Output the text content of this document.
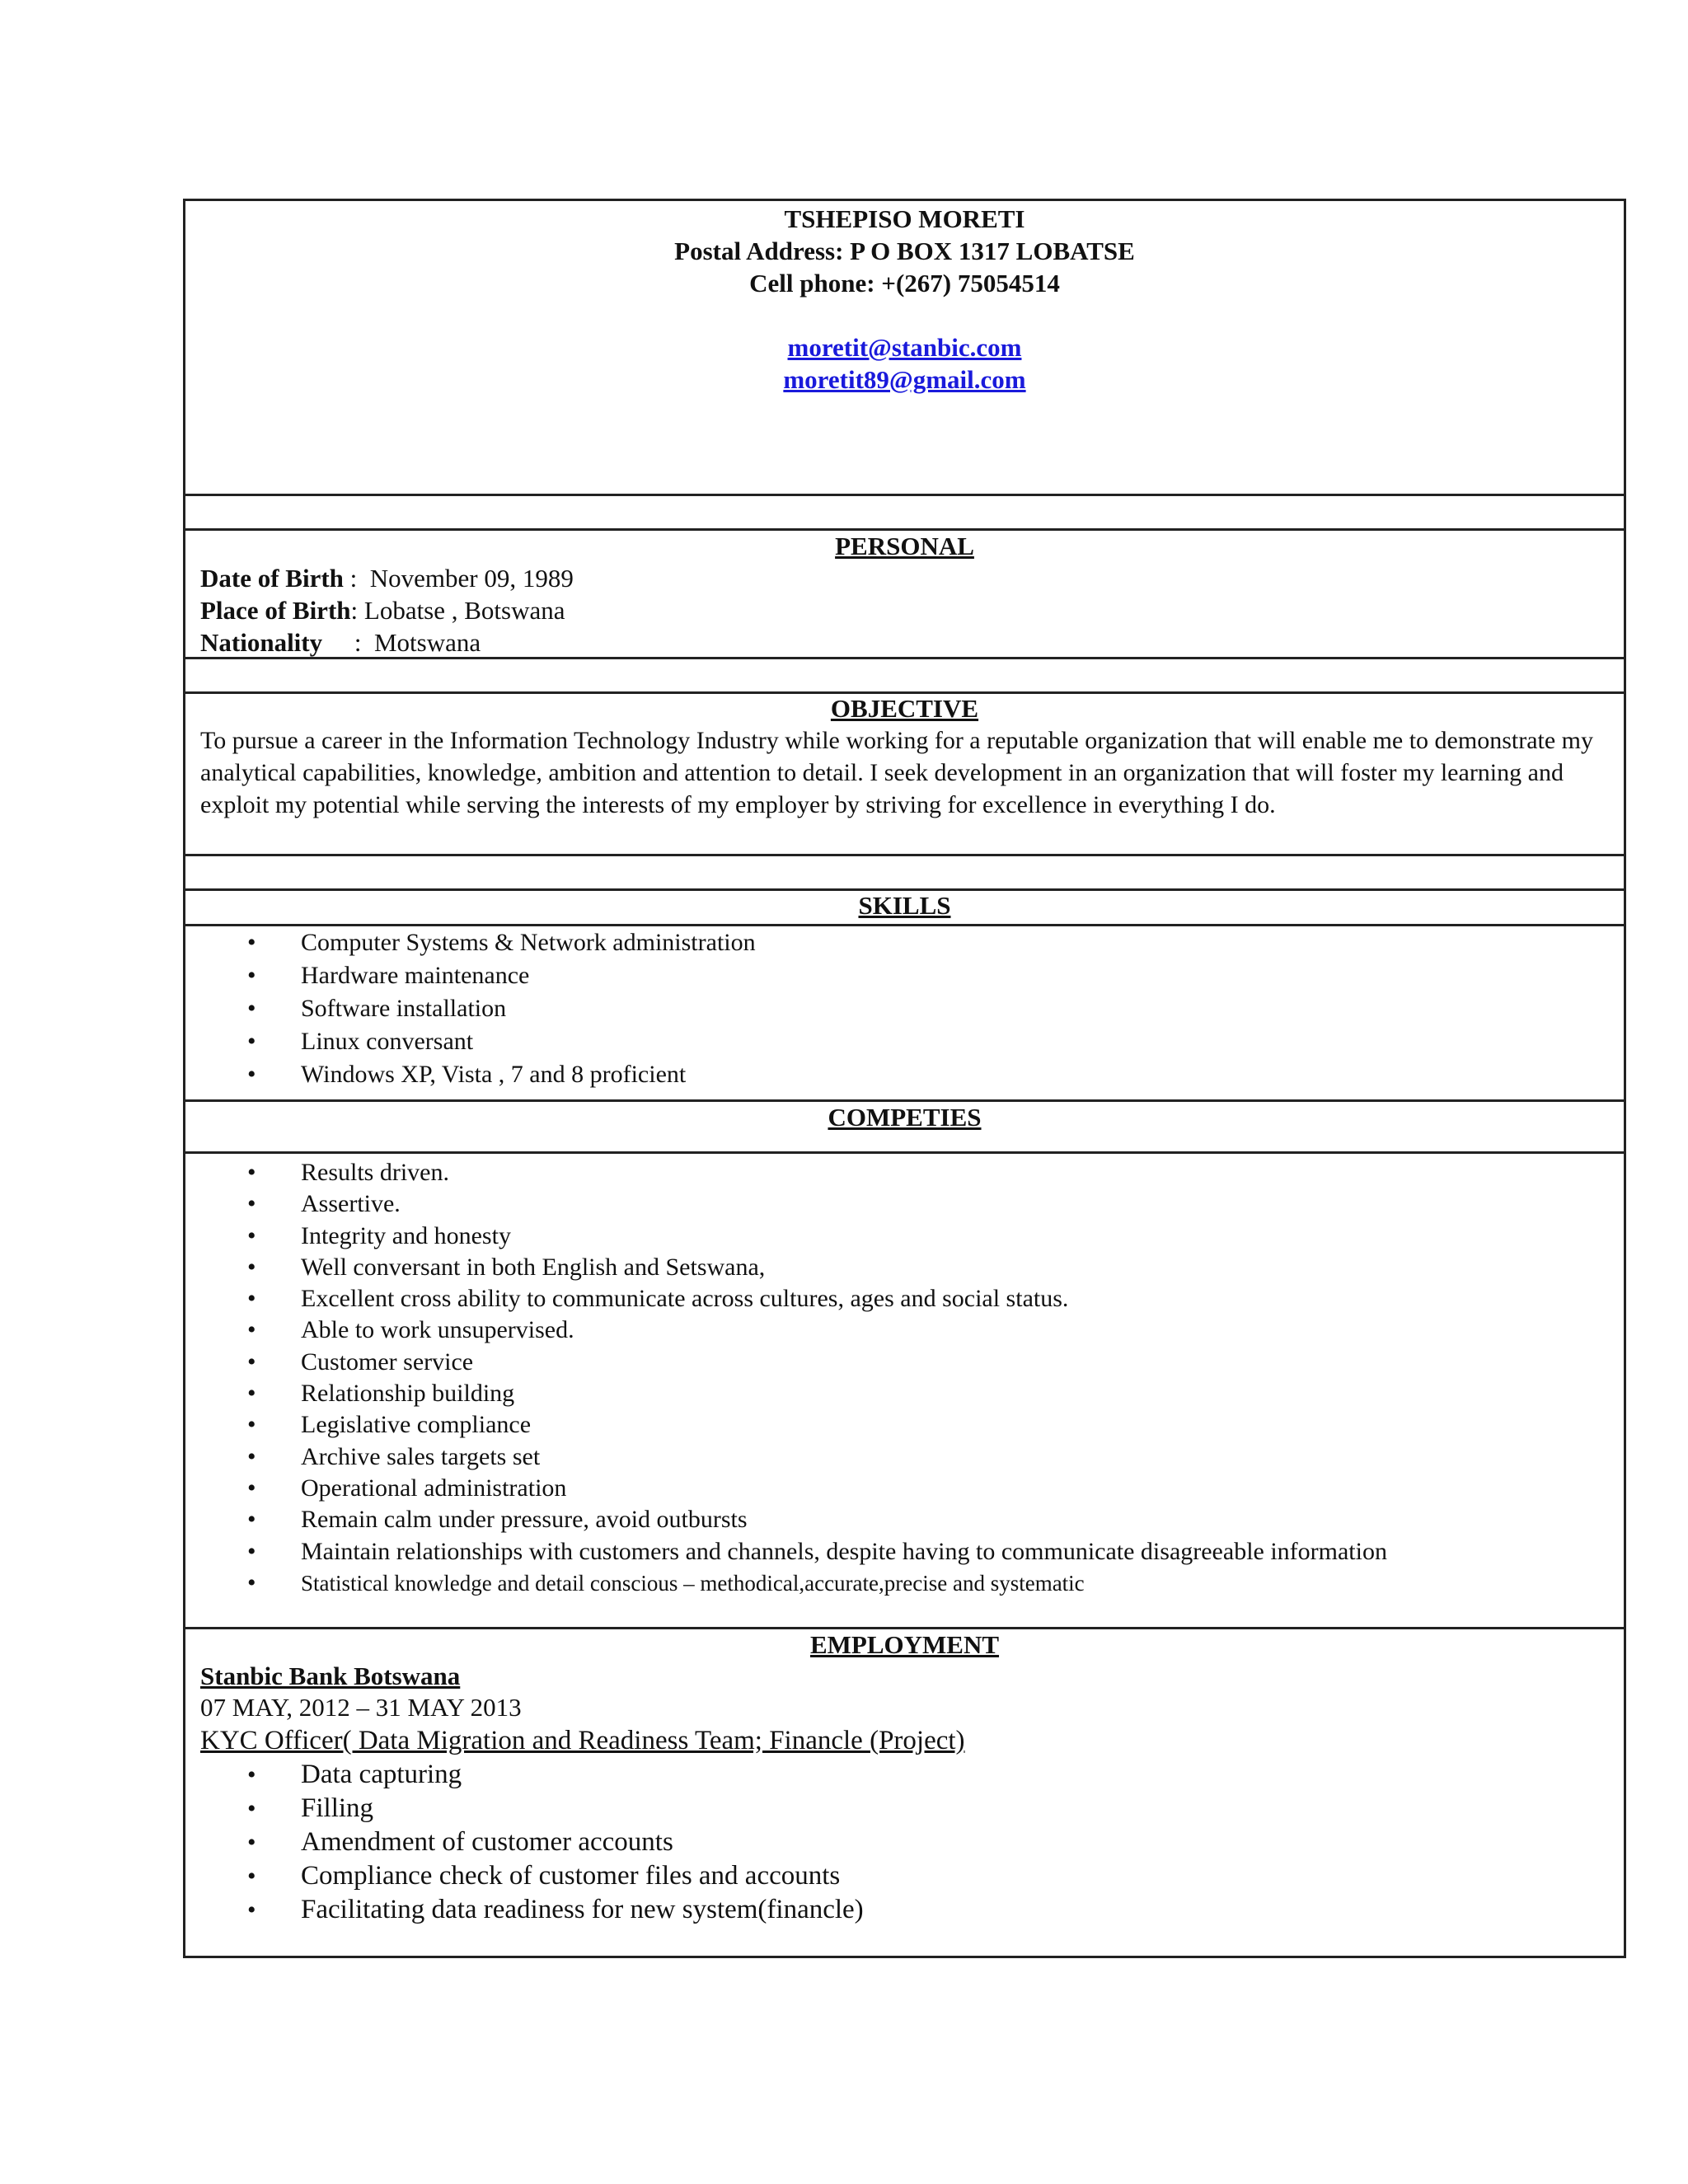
TSHEPISO MORETI
Postal Address: P O BOX 1317 LOBATSE
Cell phone: +(267) 75054514
moretit@stanbic.com
moretit89@gmail.com
PERSONAL
Date of Birth :  November 09, 1989
Place of Birth: Lobatse , Botswana
Nationality     :  Motswana
OBJECTIVE
To pursue a career in the Information Technology Industry while working for a reputable organization that will enable me to demonstrate my analytical capabilities, knowledge, ambition and attention to detail. I seek development in an organization that will foster my learning and exploit my potential while serving the interests of my employer by striving for excellence in everything I do.
SKILLS
• Computer Systems & Network administration
• Hardware maintenance
• Software installation
• Linux conversant
• Windows XP, Vista , 7 and 8 proficient
COMPETIES
• Results driven.
• Assertive.
• Integrity and honesty
• Well conversant in both English and Setswana,
• Excellent cross ability to communicate across cultures, ages and social status.
• Able to work unsupervised.
• Customer service
• Relationship building
• Legislative compliance
• Archive sales targets set
• Operational administration
• Remain calm under pressure, avoid outbursts
• Maintain relationships with customers and channels, despite having to communicate disagreeable information
• Statistical knowledge and detail conscious – methodical,accurate,precise and systematic
EMPLOYMENT
Stanbic Bank Botswana
07 MAY, 2012 – 31 MAY 2013
KYC Officer( Data Migration and Readiness Team; Financle (Project)
• Data capturing
• Filling
• Amendment of customer accounts
• Compliance check of customer files and accounts
• Facilitating data readiness for new system(financle)
